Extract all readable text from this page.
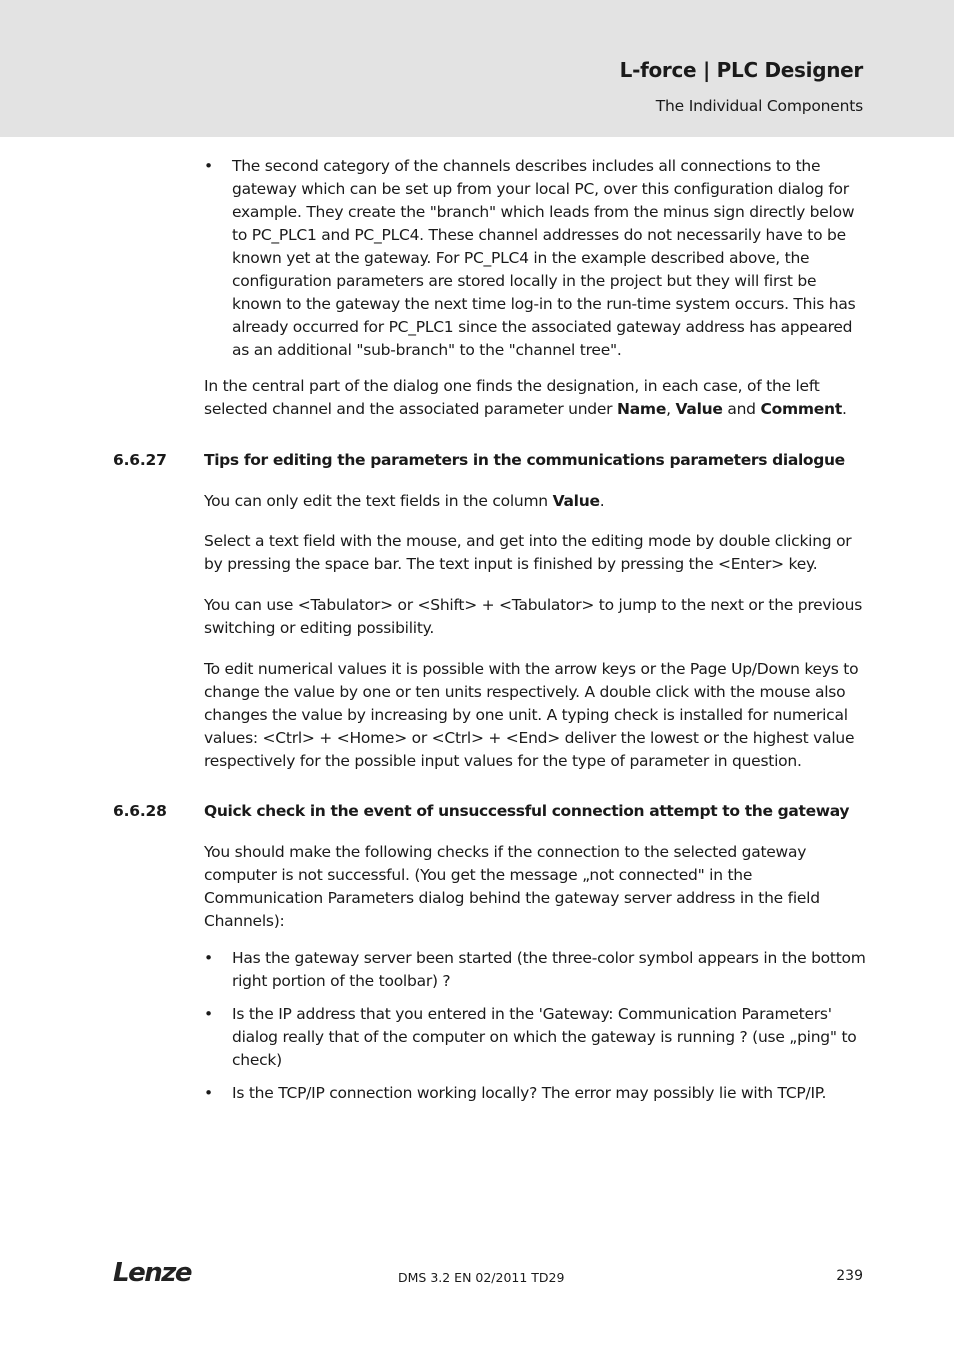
L-force | PLC Designer
The Individual Components
• The second category of the channels describes includes all connections to the gateway which can be set up from your local PC, over this configuration dialog for example. They create the "branch" which leads from the minus sign directly below to PC_PLC1 and PC_PLC4. These channel addresses do not necessarily have to be known yet at the gateway. For PC_PLC4 in the example described above, the configuration parameters are stored locally in the project but they will first be known to the gateway the next time log-in to the run-time system occurs. This has already occurred for PC_PLC1 since the associated gateway address has appeared as an additional "sub-branch" to the "channel tree".

In the central part of the dialog one finds the designation, in each case, of the left selected channel and the associated parameter under Name, Value and Comment.

6.6.27 Tips for editing the parameters in the communications parameters dialogue

You can only edit the text fields in the column Value.

Select a text field with the mouse, and get into the editing mode by double clicking or by pressing the space bar. The text input is finished by pressing the <Enter> key.

You can use <Tabulator> or <Shift> + <Tabulator> to jump to the next or the previous switching or editing possibility.

To edit numerical values it is possible with the arrow keys or the Page Up/Down keys to change the value by one or ten units respectively. A double click with the mouse also changes the value by increasing by one unit. A typing check is installed for numerical values: <Ctrl> + <Home> or <Ctrl> + <End> deliver the lowest or the highest value respectively for the possible input values for the type of parameter in question.

6.6.28 Quick check in the event of unsuccessful connection attempt to the gateway

You should make the following checks if the connection to the selected gateway computer is not successful. (You get the message „not connected" in the Communication Parameters dialog behind the gateway server address in the field Channels):

• Has the gateway server been started (the three-color symbol appears in the bottom right portion of the toolbar) ?
• Is the IP address that you entered in the 'Gateway: Communication Parameters' dialog really that of the computer on which the gateway is running ? (use „ping" to check)
• Is the TCP/IP connection working locally? The error may possibly lie with TCP/IP.
Lenze	DMS 3.2 EN 02/2011 TD29	239
